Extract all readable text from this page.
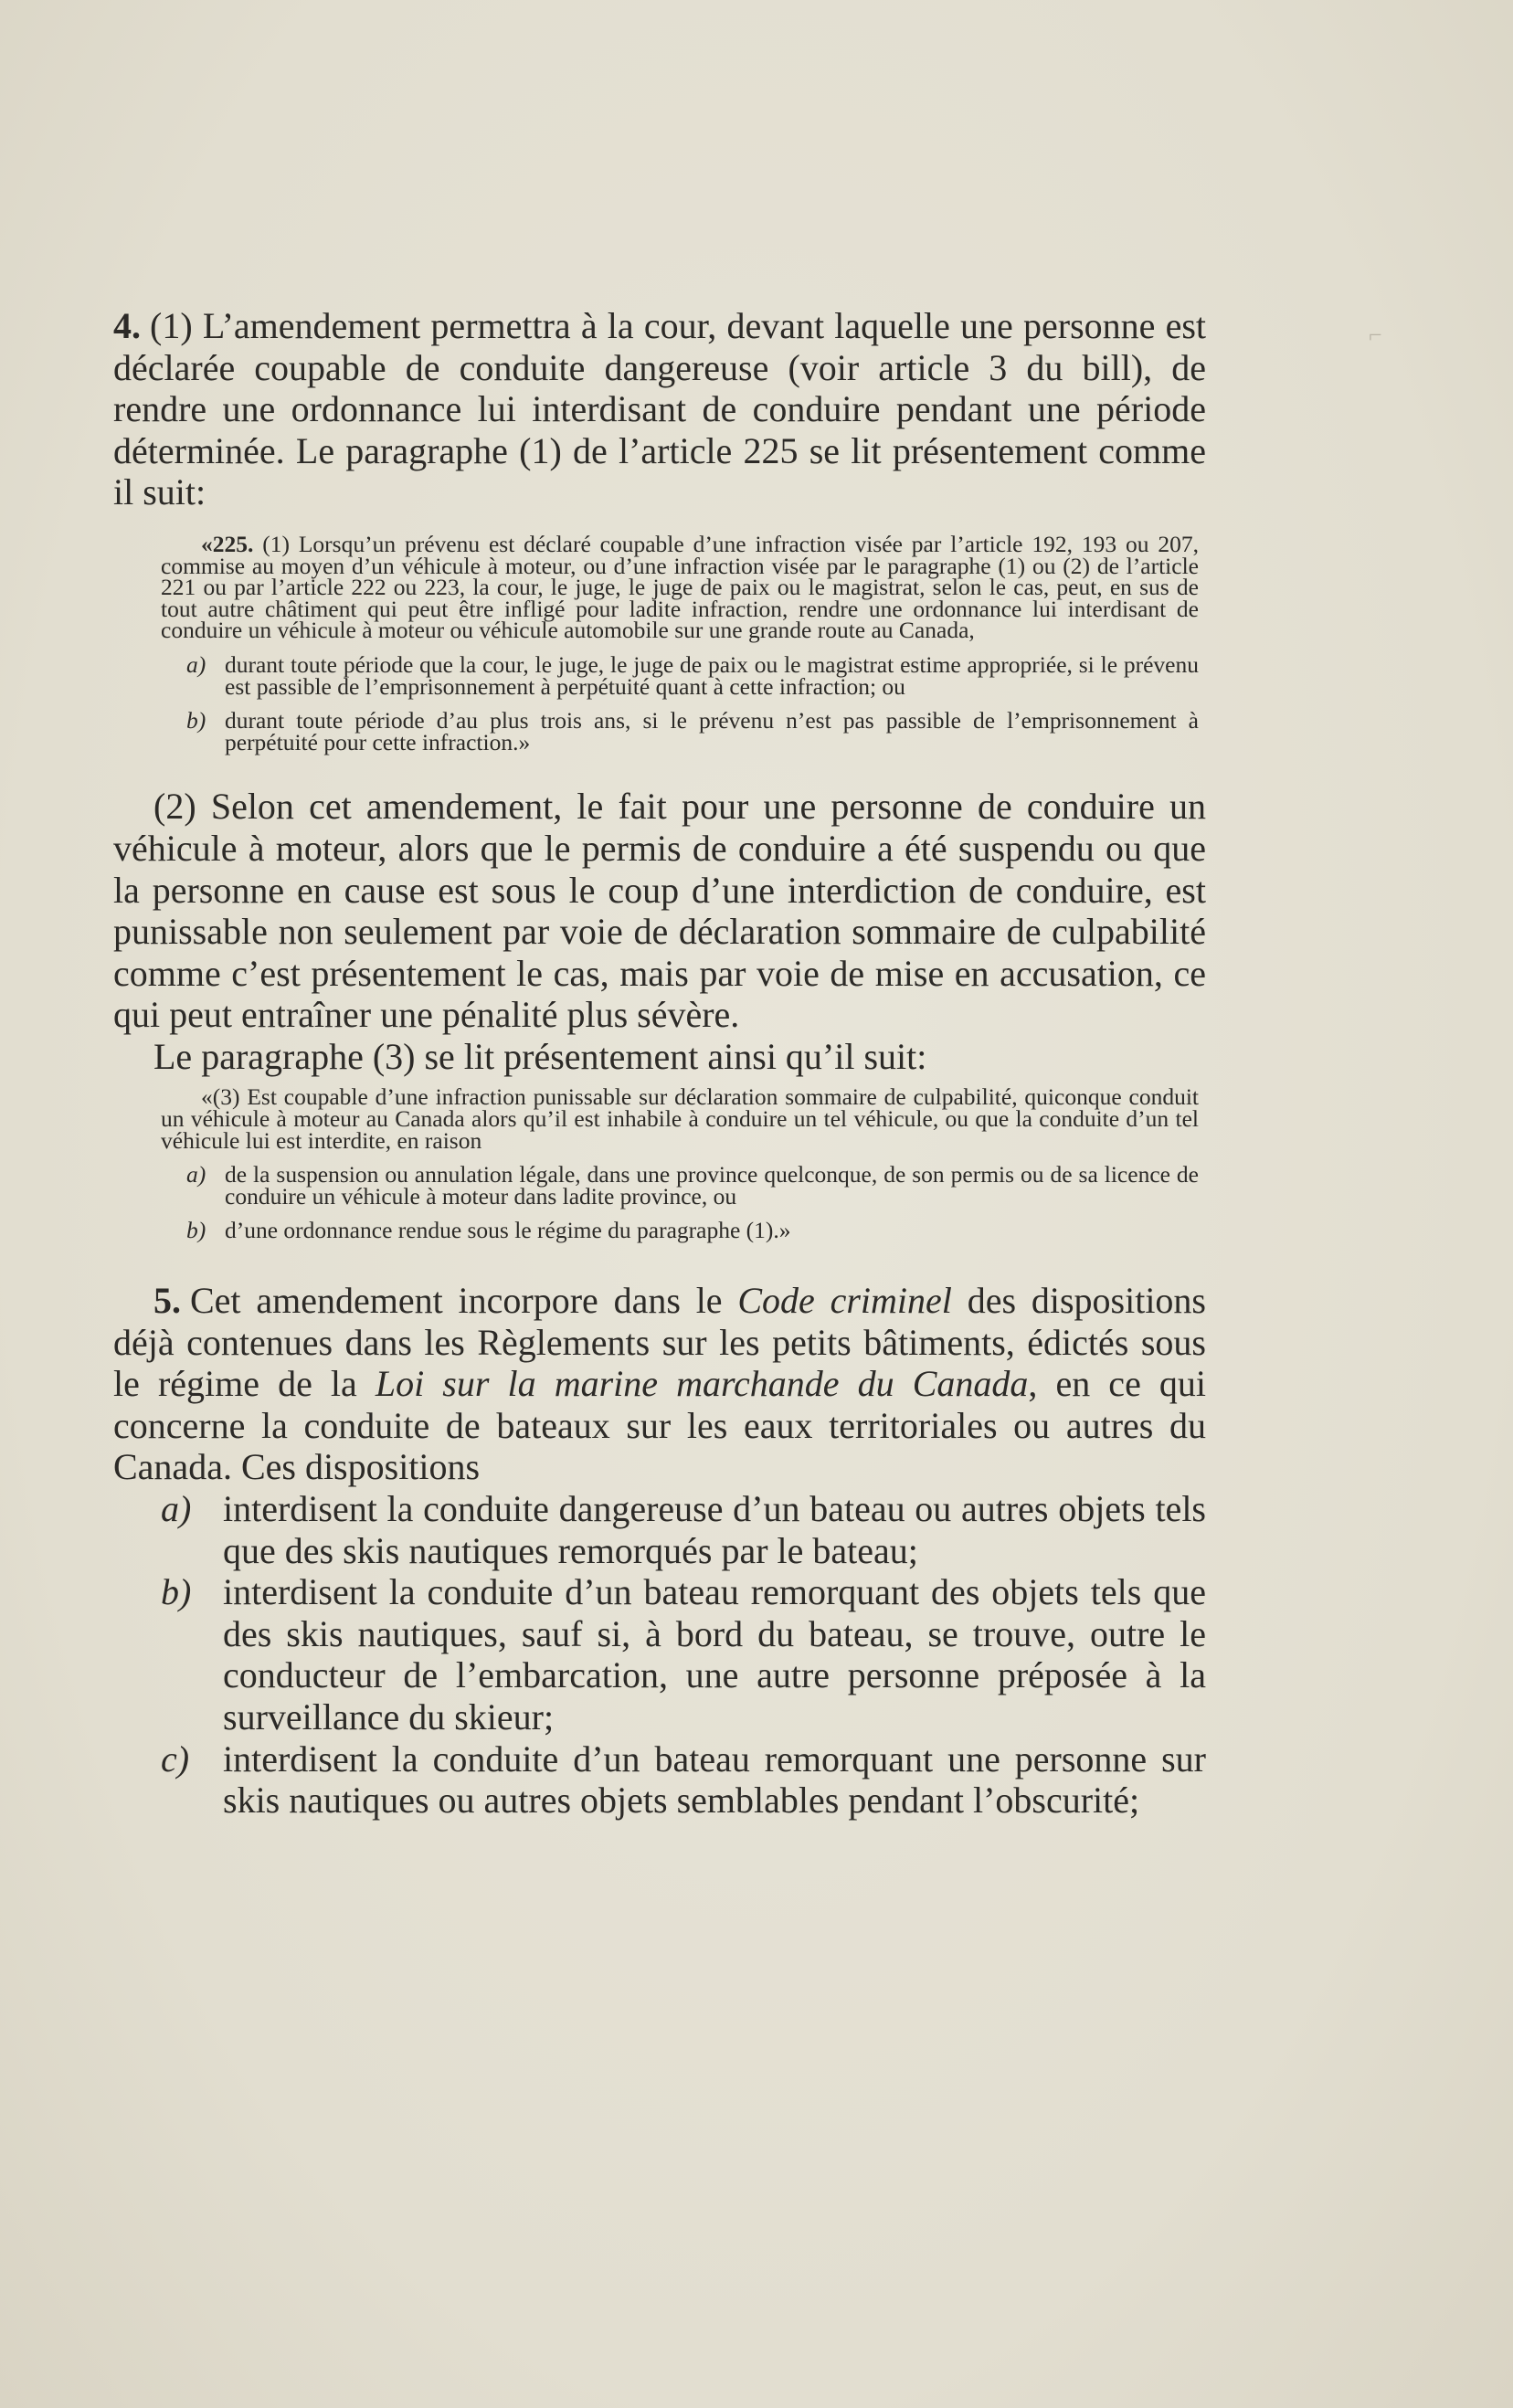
⌐

4. (1) L’amendement permettra à la cour, devant laquelle une personne est déclarée coupable de conduite dangereuse (voir article 3 du bill), de rendre une ordonnance lui interdisant de conduire pendant une période déterminée. Le paragraphe (1) de l’article 225 se lit présentement comme il suit:

«225. (1) Lorsqu’un prévenu est déclaré coupable d’une infraction visée par l’article 192, 193 ou 207, commise au moyen d’un véhicule à moteur, ou d’une infraction visée par le paragraphe (1) ou (2) de l’article 221 ou par l’article 222 ou 223, la cour, le juge, le juge de paix ou le magistrat, selon le cas, peut, en sus de tout autre châtiment qui peut être infligé pour ladite infraction, rendre une ordonnance lui interdisant de conduire un véhicule à moteur ou véhicule automobile sur une grande route au Canada,

a) durant toute période que la cour, le juge, le juge de paix ou le magistrat estime appropriée, si le prévenu est passible de l’emprisonnement à perpétuité quant à cette infraction; ou

b) durant toute période d’au plus trois ans, si le prévenu n’est pas passible de l’emprisonnement à perpétuité pour cette infraction.»

(2) Selon cet amendement, le fait pour une personne de conduire un véhicule à moteur, alors que le permis de conduire a été suspendu ou que la personne en cause est sous le coup d’une interdiction de conduire, est punissable non seulement par voie de déclaration sommaire de culpabilité comme c’est présentement le cas, mais par voie de mise en accusation, ce qui peut entraîner une pénalité plus sévère.

Le paragraphe (3) se lit présentement ainsi qu’il suit:

«(3) Est coupable d’une infraction punissable sur déclaration sommaire de culpabilité, quiconque conduit un véhicule à moteur au Canada alors qu’il est inhabile à conduire un tel véhicule, ou que la conduite d’un tel véhicule lui est interdite, en raison

a) de la suspension ou annulation légale, dans une province quelconque, de son permis ou de sa licence de conduire un véhicule à moteur dans ladite province, ou

b) d’une ordonnance rendue sous le régime du paragraphe (1).»

5. Cet amendement incorpore dans le Code criminel des dispositions déjà contenues dans les Règlements sur les petits bâtiments, édictés sous le régime de la Loi sur la marine marchande du Canada, en ce qui concerne la conduite de bateaux sur les eaux territoriales ou autres du Canada. Ces dispositions

a) interdisent la conduite dangereuse d’un bateau ou autres objets tels que des skis nautiques remorqués par le bateau;

b) interdisent la conduite d’un bateau remorquant des objets tels que des skis nautiques, sauf si, à bord du bateau, se trouve, outre le conducteur de l’embarcation, une autre personne préposée à la surveillance du skieur;

c) interdisent la conduite d’un bateau remorquant une personne sur skis nautiques ou autres objets semblables pendant l’obscurité;
